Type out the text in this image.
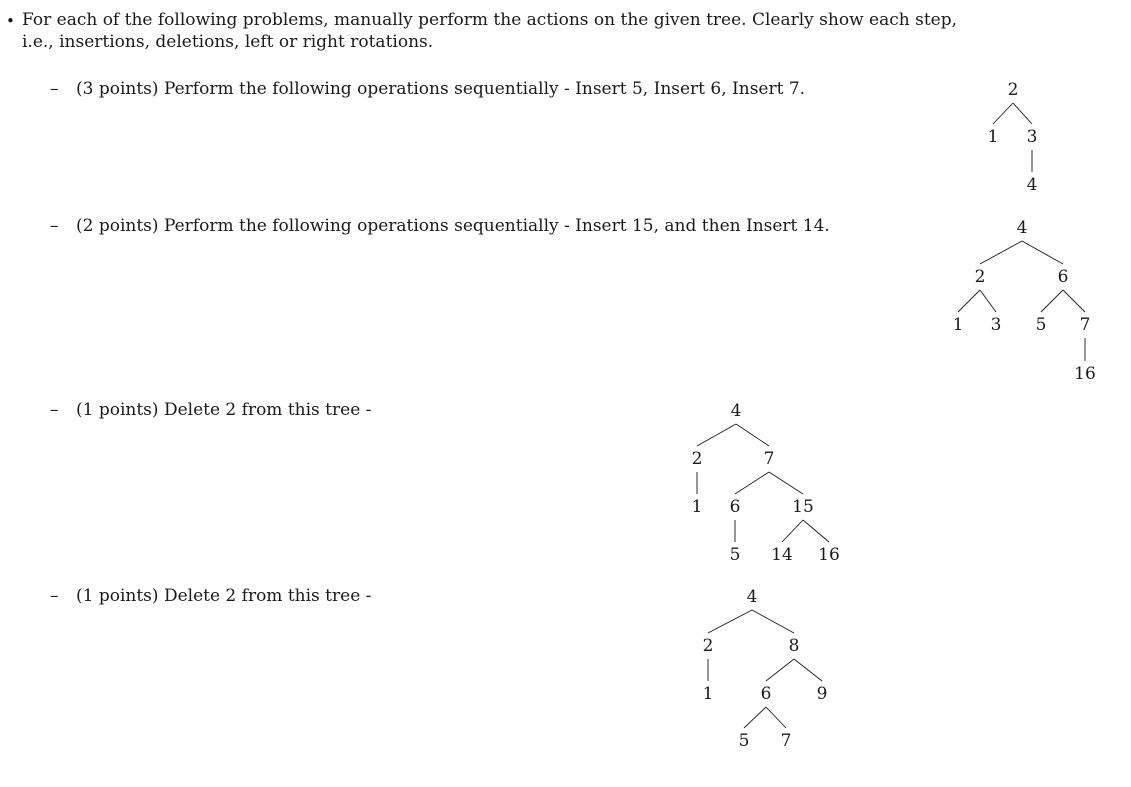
• For each of the following problems, manually perform the actions on the given tree. Clearly show each step,
i.e., insertions, deletions, left or right rotations.
– (3 points) Perform the following operations sequentially - Insert 5, Insert 6, Insert 7.	2
1 3
4
– (2 points) Perform the following operations sequentially - Insert 15, and then Insert 14.	4
2	6
1 3 5 7
16
– (1 points) Delete 2 from this tree -	4
2	7
1 6	15
5 14 16
– (1 points) Delete 2 from this tree -	4
2	8
1	6	9
5 7
